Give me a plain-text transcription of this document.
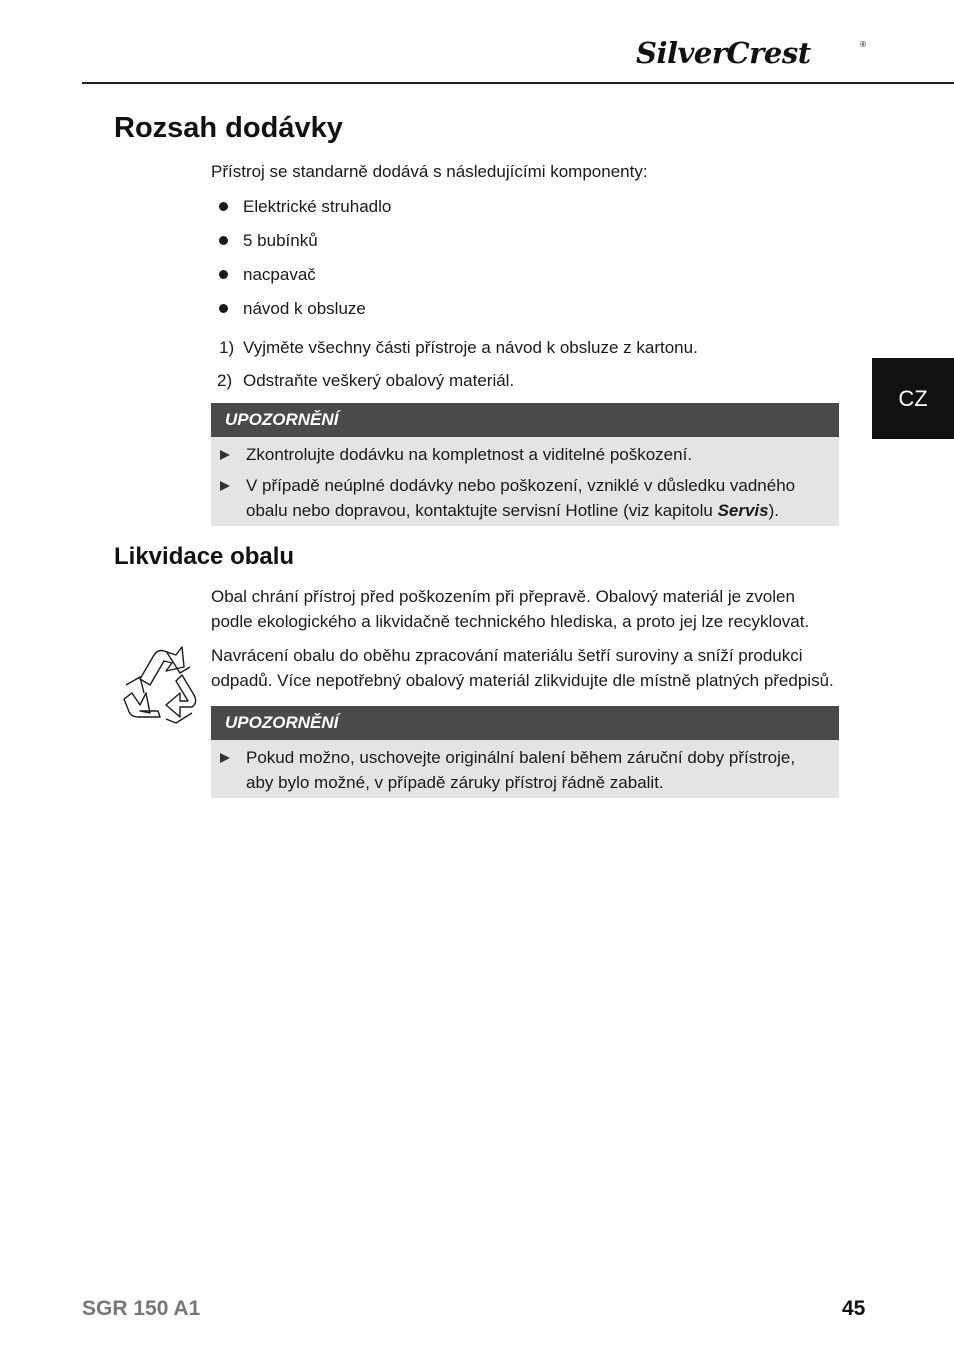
SilverCrest	®
CZ
Rozsah dodávky
Přístroj se standarně dodává s následujícími komponenty:
Elektrické struhadlo
5 bubínků
nacpavač
návod k obsluze
1) Vyjměte všechny části přístroje a návod k obsluze z kartonu.
2) Odstraňte veškerý obalový materiál.
UPOZORNĚNÍ
Zkontrolujte dodávku na kompletnost a viditelné poškození.
V případě neúplné dodávky nebo poškození, vzniklé v důsledku vadného
obalu nebo dopravou, kontaktujte servisní Hotline (viz kapitolu Servis).
Likvidace obalu
Obal chrání přístroj před poškozením při přepravě. Obalový materiál je zvolen
podle ekologického a likvidačně technického hlediska, a proto jej lze recyklovat.
Navrácení obalu do oběhu zpracování materiálu šetří suroviny a sníží produkci
odpadů. Více nepotřebný obalový materiál zlikvidujte dle místně platných předpisů.
UPOZORNĚNÍ
Pokud možno, uschovejte originální balení během záruční doby přístroje,
aby bylo možné, v případě záruky přístroj řádně zabalit.
SGR 150 A1	45
